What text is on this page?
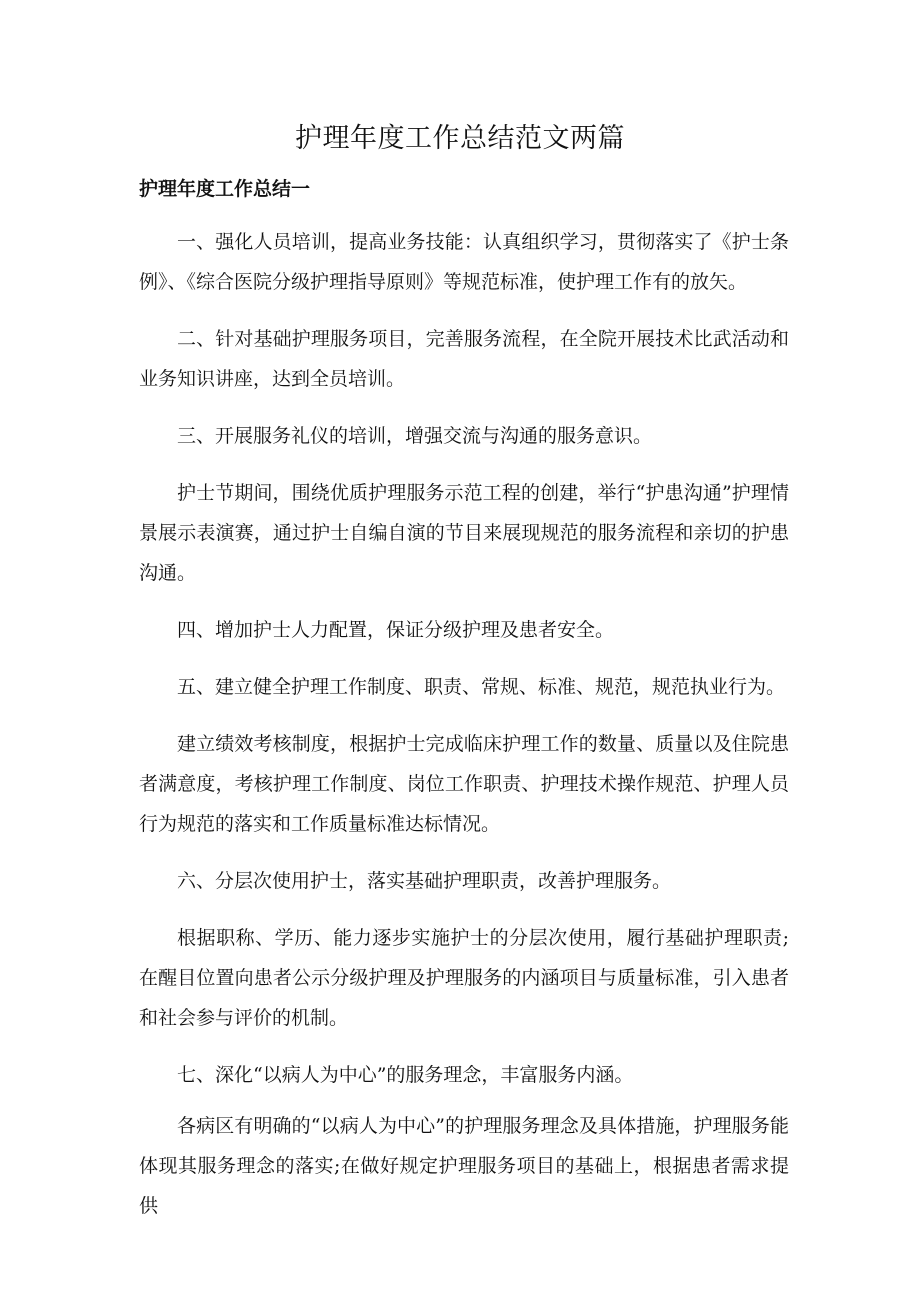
护理年度工作总结范文两篇
护理年度工作总结一

一、强化人员培训，提高业务技能：认真组织学习，贯彻落实了《护士条例》、《综合医院分级护理指导原则》等规范标准，使护理工作有的放矢。

二、针对基础护理服务项目，完善服务流程，在全院开展技术比武活动和业务知识讲座，达到全员培训。

三、开展服务礼仪的培训，增强交流与沟通的服务意识。

护士节期间，围绕优质护理服务示范工程的创建，举行“护患沟通”护理情景展示表演赛，通过护士自编自演的节目来展现规范的服务流程和亲切的护患沟通。

四、增加护士人力配置，保证分级护理及患者安全。

五、建立健全护理工作制度、职责、常规、标准、规范，规范执业行为。

建立绩效考核制度，根据护士完成临床护理工作的数量、质量以及住院患者满意度，考核护理工作制度、岗位工作职责、护理技术操作规范、护理人员行为规范的落实和工作质量标准达标情况。

六、分层次使用护士，落实基础护理职责，改善护理服务。

根据职称、学历、能力逐步实施护士的分层次使用，履行基础护理职责;在醒目位置向患者公示分级护理及护理服务的内涵项目与质量标准，引入患者和社会参与评价的机制。

七、深化“以病人为中心”的服务理念，丰富服务内涵。

各病区有明确的“以病人为中心”的护理服务理念及具体措施，护理服务能体现其服务理念的落实;在做好规定护理服务项目的基础上，根据患者需求提供
